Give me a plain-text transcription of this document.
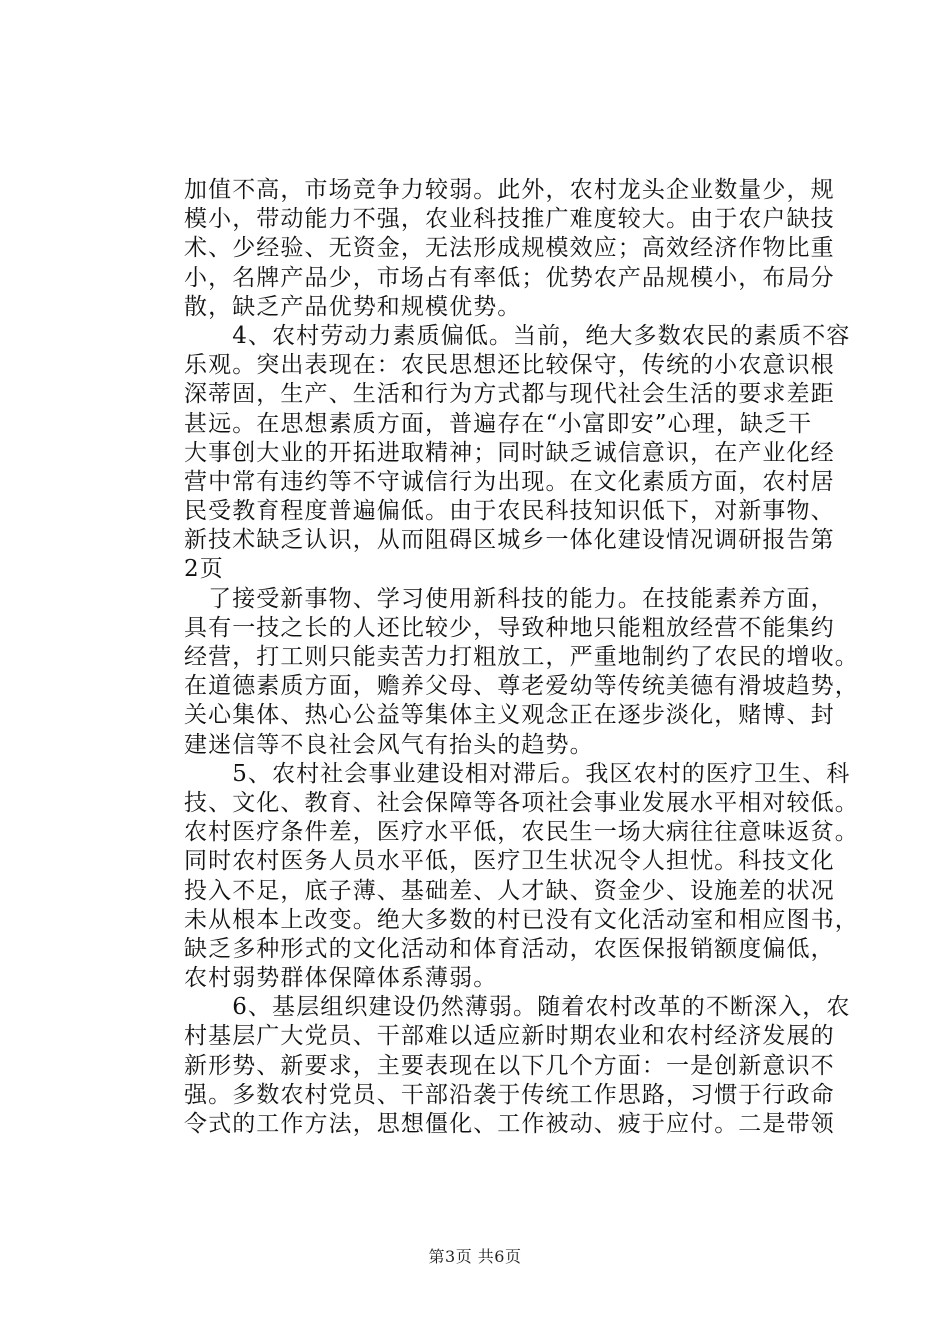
加值不高，市场竞争力较弱。此外，农村龙头企业数量少，规
模小，带动能力不强，农业科技推广难度较大。由于农户缺技
术、少经验、无资金，无法形成规模效应；高效经济作物比重
小，名牌产品少，市场占有率低；优势农产品规模小，布局分
散，缺乏产品优势和规模优势。
　　4、农村劳动力素质偏低。当前，绝大多数农民的素质不容
乐观。突出表现在：农民思想还比较保守，传统的小农意识根
深蒂固，生产、生活和行为方式都与现代社会生活的要求差距
甚远。在思想素质方面，普遍存在“小富即安”心理，缺乏干
大事创大业的开拓进取精神；同时缺乏诚信意识，在产业化经
营中常有违约等不守诚信行为出现。在文化素质方面，农村居
民受教育程度普遍偏低。由于农民科技知识低下，对新事物、
新技术缺乏认识，从而阻碍区城乡一体化建设情况调研报告第
2页
　了接受新事物、学习使用新科技的能力。在技能素养方面，
具有一技之长的人还比较少，导致种地只能粗放经营不能集约
经营，打工则只能卖苦力打粗放工，严重地制约了农民的增收。
在道德素质方面，赡养父母、尊老爱幼等传统美德有滑坡趋势，
关心集体、热心公益等集体主义观念正在逐步淡化，赌博、封
建迷信等不良社会风气有抬头的趋势。
　　5、农村社会事业建设相对滞后。我区农村的医疗卫生、科
技、文化、教育、社会保障等各项社会事业发展水平相对较低。
农村医疗条件差，医疗水平低，农民生一场大病往往意味返贫。
同时农村医务人员水平低，医疗卫生状况令人担忧。科技文化
投入不足，底子薄、基础差、人才缺、资金少、设施差的状况
未从根本上改变。绝大多数的村已没有文化活动室和相应图书，
缺乏多种形式的文化活动和体育活动，农医保报销额度偏低，
农村弱势群体保障体系薄弱。
　　6、基层组织建设仍然薄弱。随着农村改革的不断深入，农
村基层广大党员、干部难以适应新时期农业和农村经济发展的
新形势、新要求，主要表现在以下几个方面：一是创新意识不
强。多数农村党员、干部沿袭于传统工作思路，习惯于行政命
令式的工作方法，思想僵化、工作被动、疲于应付。二是带领
第3页 共6页
